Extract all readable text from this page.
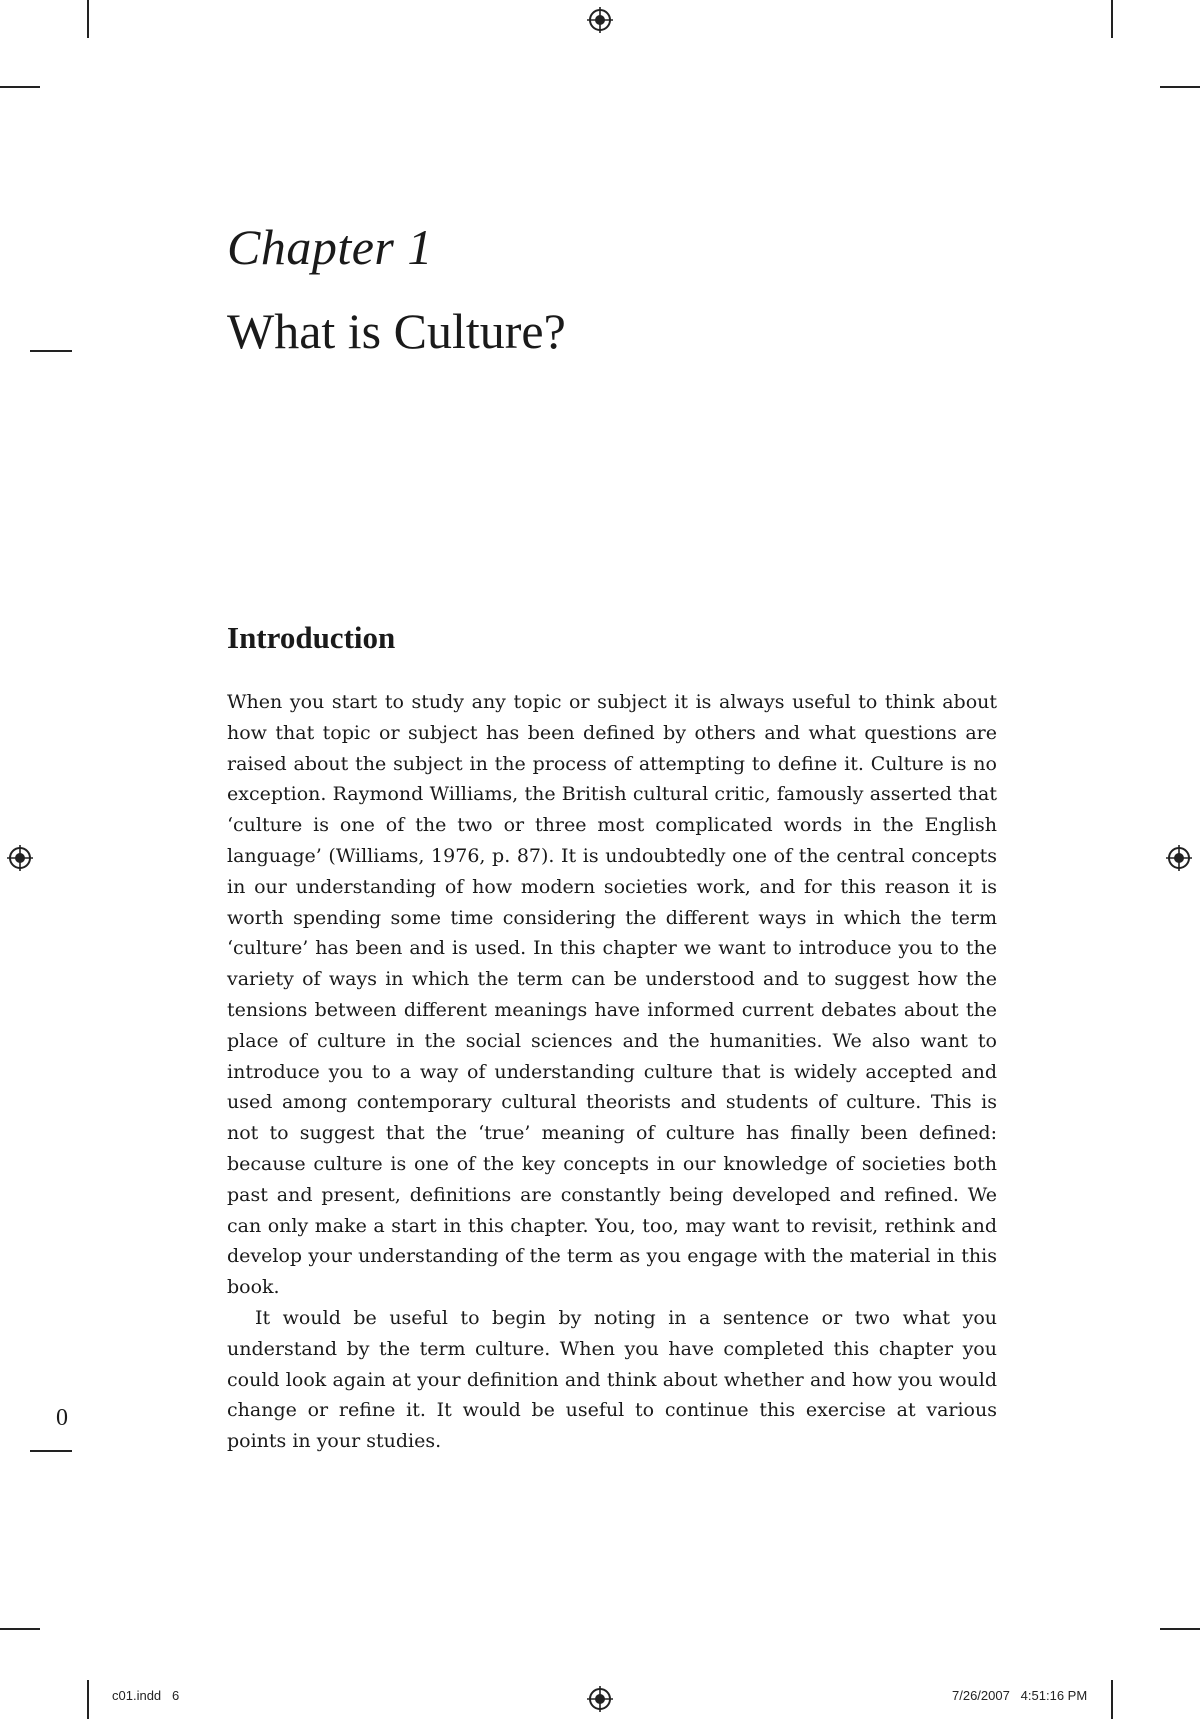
Chapter 1
What is Culture?
Introduction

When you start to study any topic or subject it is always useful to think about how that topic or subject has been defined by others and what questions are raised about the subject in the process of attempting to define it. Culture is no exception. Raymond Williams, the British cultural critic, famously asserted that ‘culture is one of the two or three most complicated words in the English language’ (Williams, 1976, p. 87). It is undoubtedly one of the central concepts in our understanding of how modern societies work, and for this reason it is worth spending some time considering the different ways in which the term ‘culture’ has been and is used. In this chapter we want to introduce you to the variety of ways in which the term can be understood and to suggest how the tensions between different meanings have informed current debates about the place of culture in the social sciences and the humanities. We also want to introduce you to a way of understanding culture that is widely accepted and used among contemporary cultural theorists and students of culture. This is not to suggest that the ‘true’ meaning of culture has finally been defined: because culture is one of the key concepts in our knowledge of societies both past and present, definitions are constantly being developed and refined. We can only make a start in this chapter. You, too, may want to revisit, rethink and develop your understanding of the term as you engage with the material in this book.

It would be useful to begin by noting in a sentence or two what you understand by the term culture. When you have completed this chapter you could look again at your definition and think about whether and how you would change or refine it. It would be useful to continue this exercise at various points in your studies.

0
c01.indd   6	7/26/2007   4:51:16 PM
